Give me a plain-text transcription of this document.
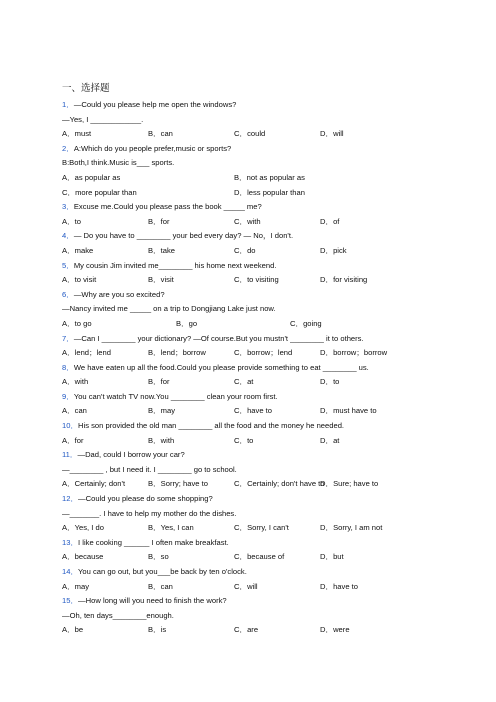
一、选择题
1．—Could you please help me open the windows?
—Yes, I ____________.
A．must	B．can	C．could	D．will
2．A:Which do you people prefer,music or sports?
B:Both,I think.Music is___ sports.
A．as popular as	B．not as popular as
C．more popular than	D．less popular than
3．Excuse me.Could you please pass the book _____ me?
A．to	B．for	C．with	D．of
4．— Do you have to ________ your bed every day? — No，I don't.
A．make	B．take	C．do	D．pick
5．My cousin Jim invited me________ his home next weekend.
A．to visit	B．visit	C．to visiting	D．for visiting
6．—Why are you so excited?
—Nancy invited me _____ on a trip to Dongjiang Lake just now.
A．to go	B．go	C．going
7．—Can I ________ your dictionary? —Of course.But you mustn't ________ it to others.
A．lend；lend	B．lend；borrow	C．borrow；lend	D．borrow；borrow
8．We have eaten up all the food.Could you please provide something to eat ________ us.
A．with	B．for	C．at	D．to
9．You can't watch TV now.You ________ clean your room first.
A．can	B．may	C．have to	D．must have to
10．His son provided the old man ________ all the food and the money he needed.
A．for	B．with	C．to	D．at
11．—Dad, could I borrow your car?
—________ , but I need it. I ________ go to school.
A．Certainly; don't	B．Sorry; have to	C．Certainly; don't have to
D．Sure; have to
12．—Could you please do some shopping?
—_______. I have to help my mother do the dishes.
A．Yes, I do	B．Yes, I can	C．Sorry, I can't	D．Sorry, I am not
13．I like cooking ______ I often make breakfast.
A．because	B．so	C．because of	D．but
14．You can go out, but you___be back by ten o'clock.
A．may	B．can	C．will	D．have to
15．—How long will you need to finish the work?
—Oh, ten days________enough.
A．be	B．is	C．are	D．were
